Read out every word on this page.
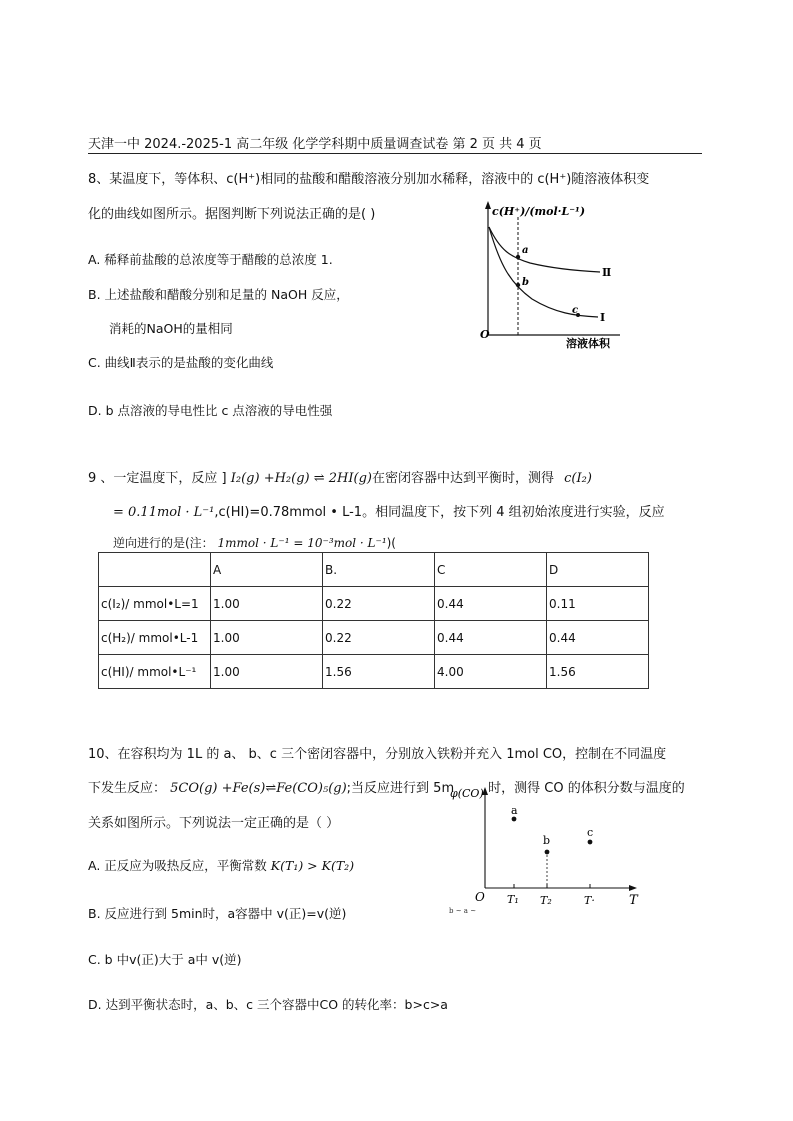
天津一中 2024.-2025-1 高二年级 化学学科期中质量调查试卷 第 2 页 共 4 页
8、某温度下，等体积、c(H⁺)相同的盐酸和醋酸溶液分别加水稀释，溶液中的 c(H⁺)随溶液体积变
化的曲线如图所示。据图判断下列说法正确的是( )
A. 稀释前盐酸的总浓度等于醋酸的总浓度 1.
B. 上述盐酸和醋酸分别和足量的 NaOH 反应，
消耗的NaOH的量相同
C. 曲线Ⅱ表示的是盐酸的变化曲线
D. b 点溶液的导电性比 c 点溶液的导电性强
c(H⁺)/(mol·L⁻¹)
溶液体积
O
a
b
c
Ⅱ
I
9 、一定温度下，反应 ] I₂(g) +H₂(g) ⇌ 2HI(g)在密闭容器中达到平衡时，测得 c(I₂)
= 0.11mol · L⁻¹,c(HI)=0.78mmol • L-1。相同温度下，按下列 4 组初始浓度进行实验，反应
逆向进行的是(注： 1mmol · L⁻¹ = 10⁻³mol · L⁻¹)(
	A	B.	C	D
c(I₂)/ mmol•L=1	1.00	0.22	0.44	0.11
c(H₂)/ mmol•L-1	1.00	0.22	0.44	0.44
c(HI)/ mmol•L⁻¹	1.00	1.56	4.00	1.56
10、在容积均为 1L 的 a、 b、c 三个密闭容器中，分别放入铁粉并充入 1mol CO，控制在不同温度
下发生反应： 5CO(g) +Fe(s)⇌Fe(CO)₅(g);当反应进行到 5m	时，测得 CO 的体积分数与温度的
关系如图所示。下列说法一定正确的是（ ）
A. 正反应为吸热反应，平衡常数 K(T₁) > K(T₂)
B. 反应进行到 5min时，a容器中 v(正)=v(逆)
C. b 中v(正)大于 a中 v(逆)
D. 达到平衡状态时，a、b、c 三个容器中CO 的转化率：b>c>a
φ(CO)
T
O T₁ T₂	T·
a
b
c
b ~ a ~
